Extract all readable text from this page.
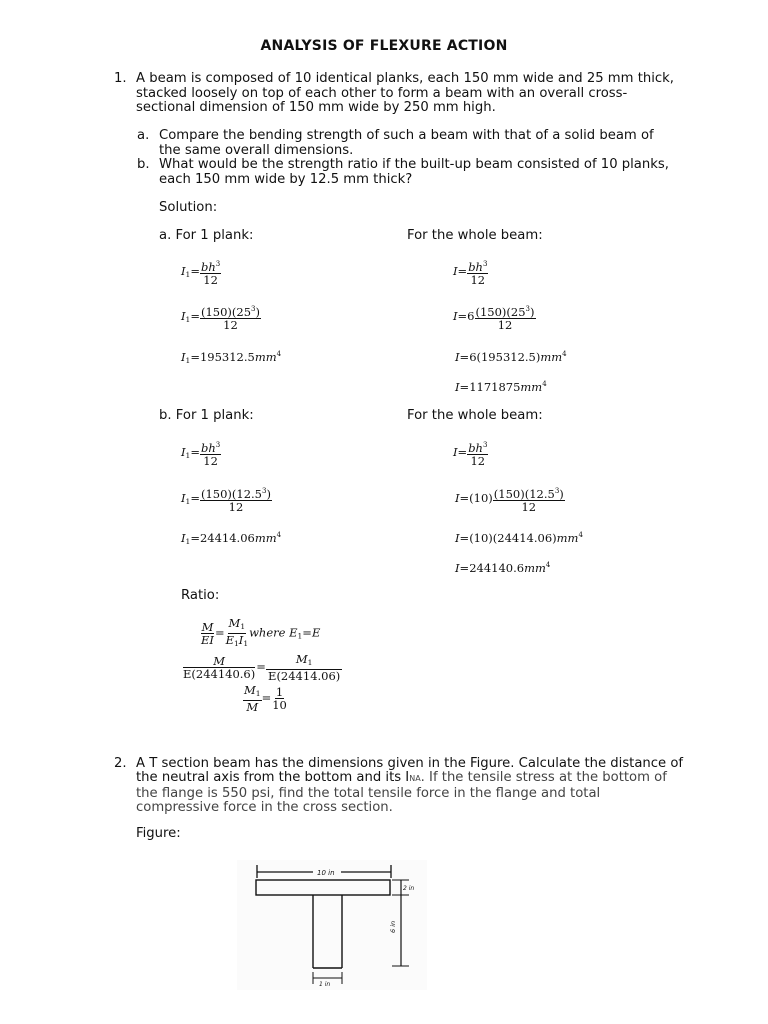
ANALYSIS OF FLEXURE ACTION
1. A beam is composed of 10 identical planks, each 150 mm wide and 25 mm thick, stacked loosely on top of each other to form a beam with an overall cross-sectional dimension of 150 mm wide by 250 mm high.
a. Compare the bending strength of such a beam with that of a solid beam of the same overall dimensions.
b. What would be the strength ratio if the built-up beam consisted of 10 planks, each 150 mm wide by 12.5 mm thick?
Solution:
a. For 1 plank:	For the whole beam:
$I_1= \frac{bh^3}{12}$	$I= \frac{bh^3}{12}$
$I_1= \frac{(150)(25^3)}{12}$	$I=6 \frac{(150)(25^3)}{12}$
$I_1=195312.5mm^4$	$I=6(195312.5)mm^4$
$I=1171875mm^4$
b. For 1 plank:	For the whole beam:
$I_1= \frac{bh^3}{12}$	$I= \frac{bh^3}{12}$
$I_1= \frac{(150)(12.5^3)}{12}$	$I=(10) \frac{(150)(12.5^3)}{12}$
$I_1=24414.06mm^4$	$I=(10)(24414.06)mm^4$
$I=244140.6mm^4$
Ratio:
$\frac{M}{EI} = \frac{M_1}{E_1I_1}$ where $E_1=E$
$\frac{M}{E(244140.6)} = \frac{M_1}{E(24414.06)}$
$\frac{M_1}{M} = \frac{1}{10}$
2. A T section beam has the dimensions given in the Figure. Calculate the distance of the neutral axis from the bottom and its INA. If the tensile stress at the bottom of the flange is 550 psi, find the total tensile force in the flange and total compressive force in the cross section.
Figure:
10 in
2 in
6 in
1 in
